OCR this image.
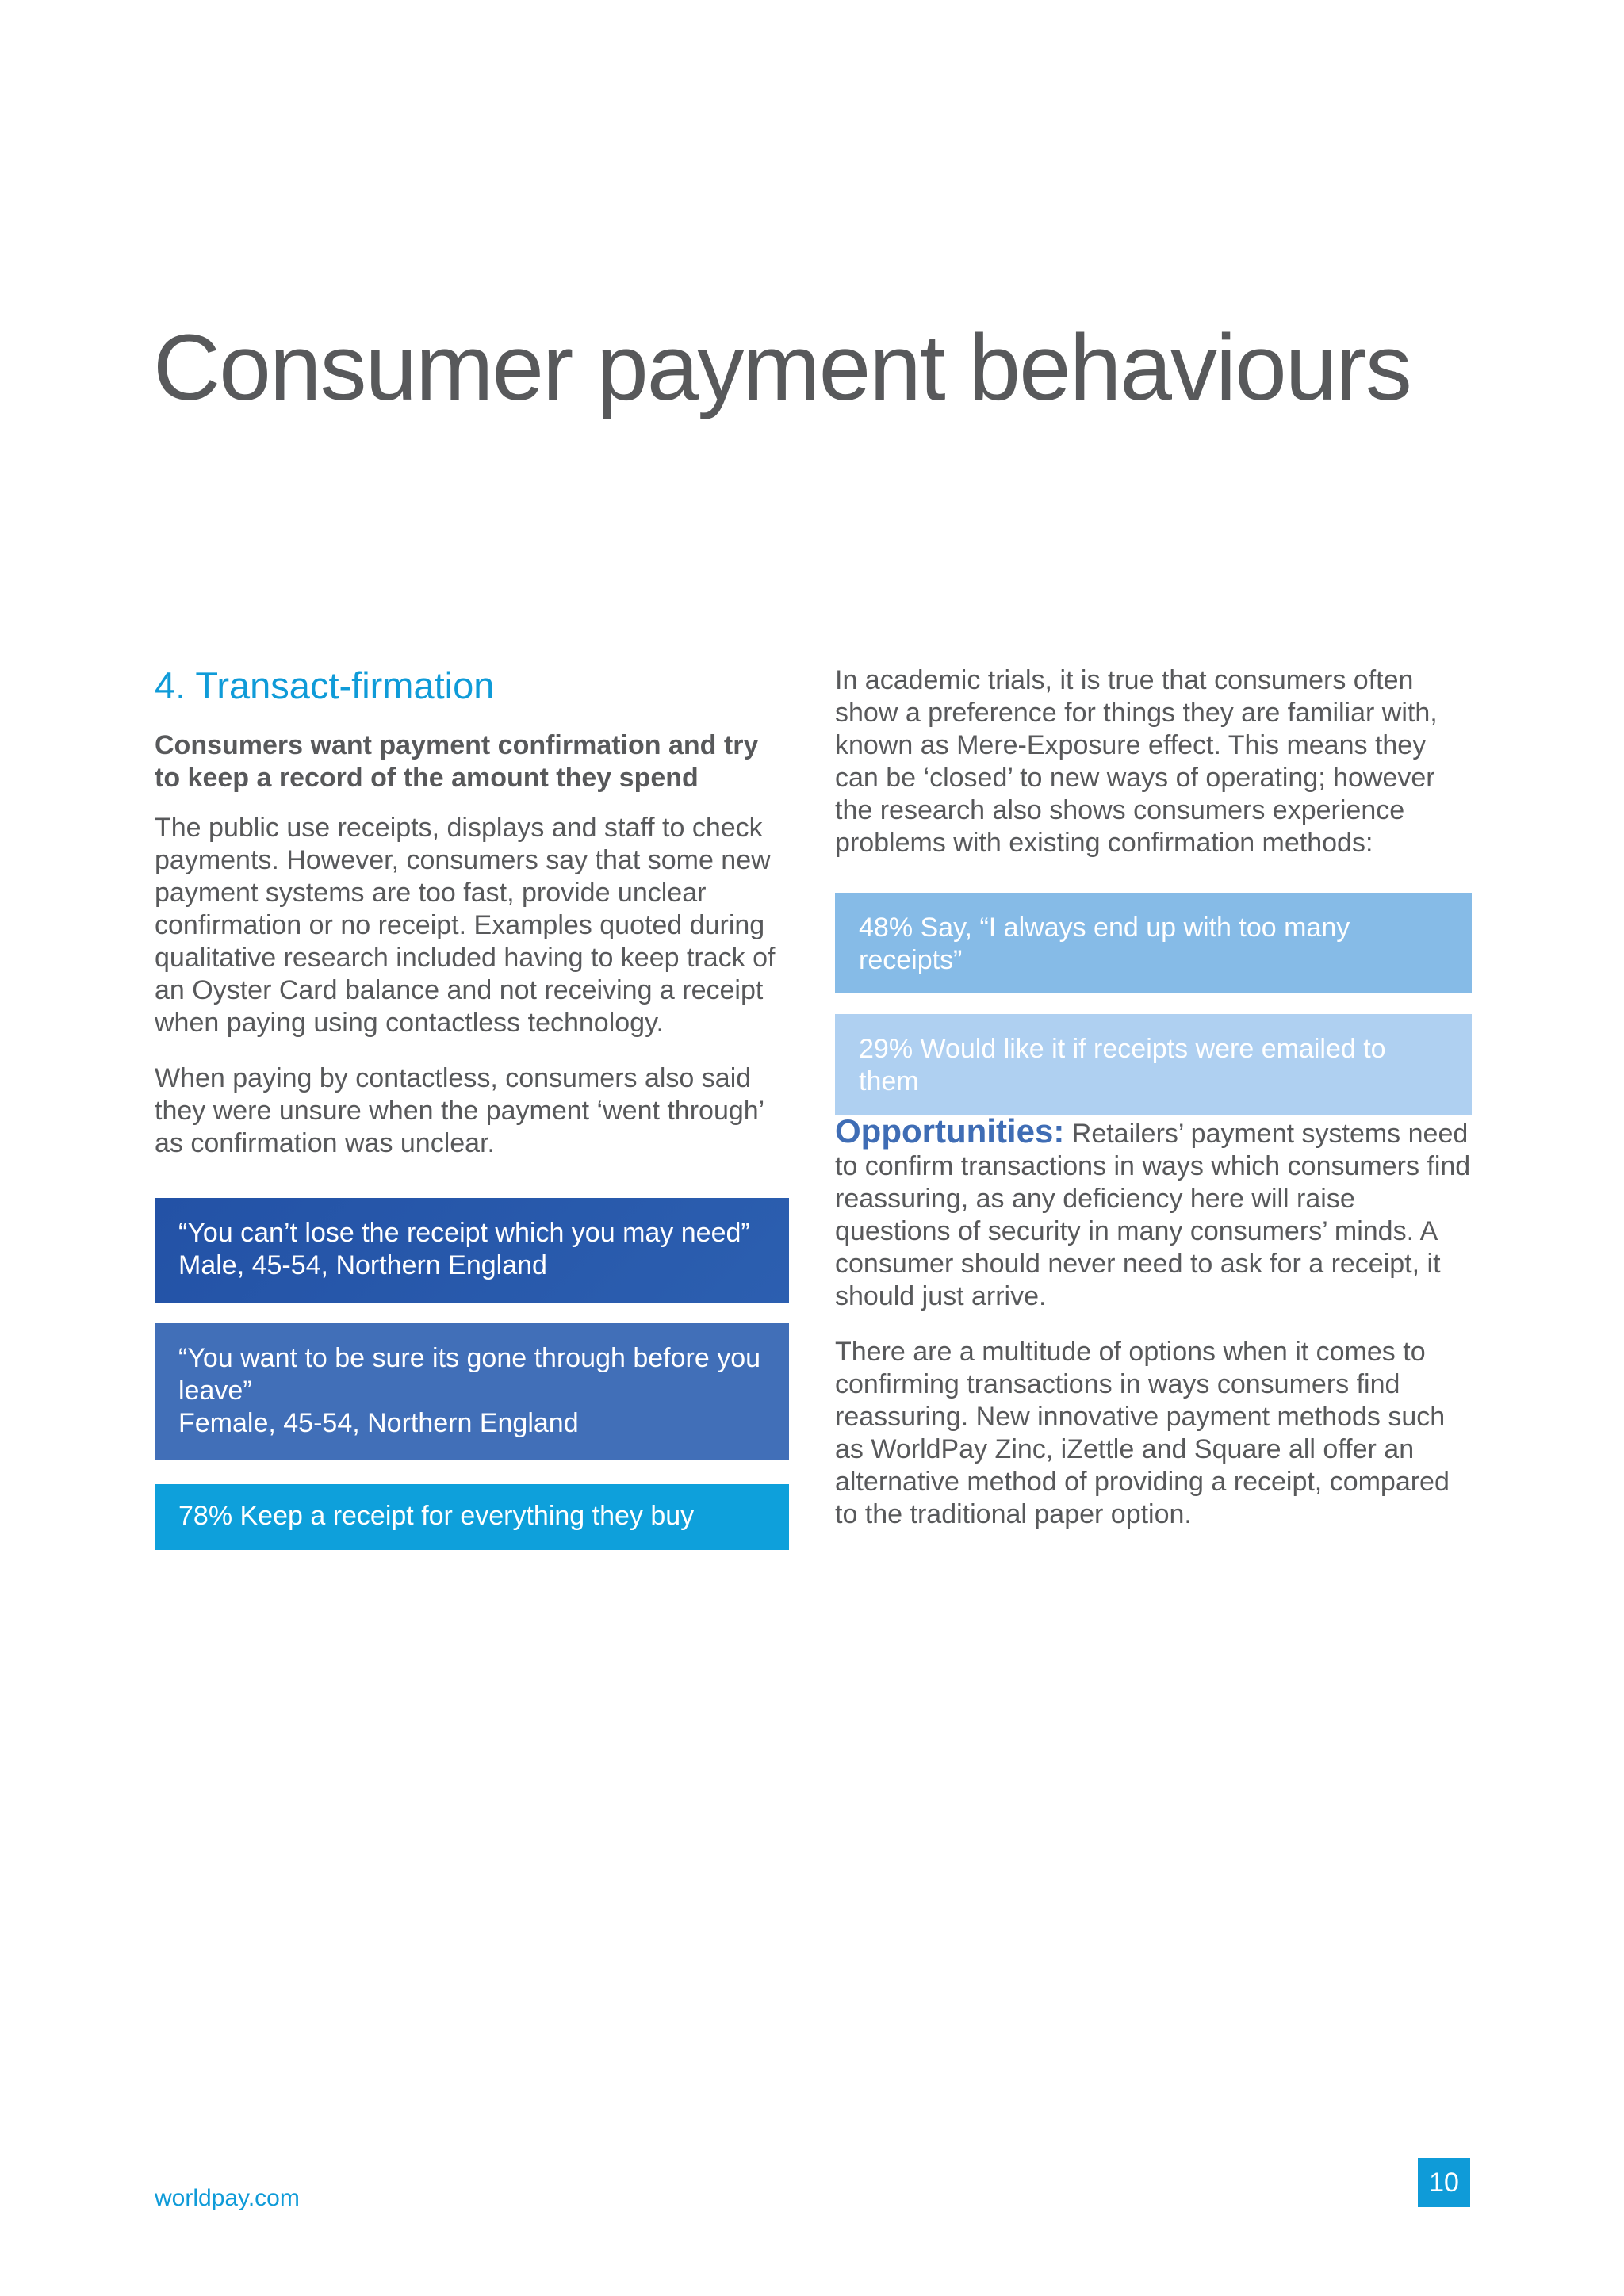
Consumer payment behaviours
4. Transact-firmation

Consumers want payment confirmation and try to keep a record of the amount they spend

The public use receipts, displays and staff to check payments. However, consumers say that some new payment systems are too fast, provide unclear confirmation or no receipt. Examples quoted during qualitative research included having to keep track of an Oyster Card balance and not receiving a receipt when paying using contactless technology.

When paying by contactless, consumers also said they were unsure when the payment ‘went through’ as confirmation was unclear.

“You can’t lose the receipt which you may need”
Male, 45-54, Northern England
“You want to be sure its gone through before you leave”
Female, 45-54, Northern England
78% Keep a receipt for everything they buy

In academic trials, it is true that consumers often show a preference for things they are familiar with, known as Mere-Exposure effect. This means they can be ‘closed’ to new ways of operating; however the research also shows consumers experience problems with existing confirmation methods:

48% Say, “I always end up with too many receipts”
29% Would like it if receipts were emailed to them

Opportunities: Retailers’ payment systems need to confirm transactions in ways which consumers find reassuring, as any deficiency here will raise questions of security in many consumers’ minds. A consumer should never need to ask for a receipt, it should just arrive.

There are a multitude of options when it comes to confirming transactions in ways consumers find reassuring. New innovative payment methods such as WorldPay Zinc, iZettle and Square all offer an alternative method of providing a receipt, compared to the traditional paper option.

worldpay.com
10
